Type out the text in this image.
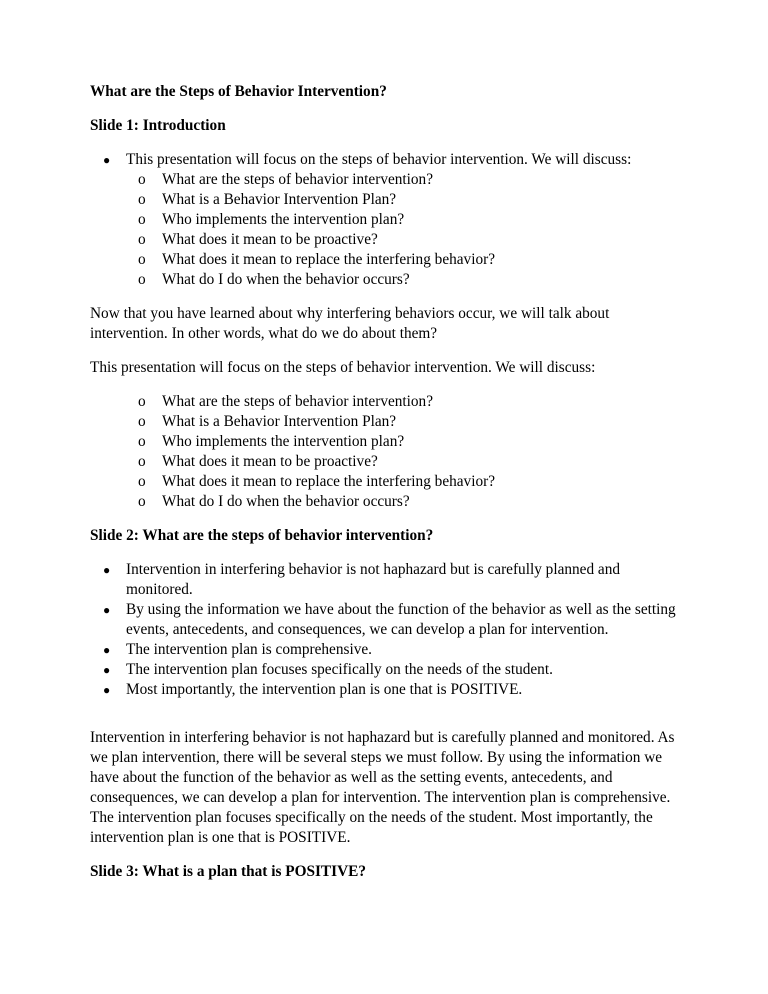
What are the Steps of Behavior Intervention?
Slide 1: Introduction
● This presentation will focus on the steps of behavior intervention. We will discuss:
o What are the steps of behavior intervention?
o What is a Behavior Intervention Plan?
o Who implements the intervention plan?
o What does it mean to be proactive?
o What does it mean to replace the interfering behavior?
o What do I do when the behavior occurs?

Now that you have learned about why interfering behaviors occur, we will talk about intervention. In other words, what do we do about them?

This presentation will focus on the steps of behavior intervention. We will discuss:

o What are the steps of behavior intervention?
o What is a Behavior Intervention Plan?
o Who implements the intervention plan?
o What does it mean to be proactive?
o What does it mean to replace the interfering behavior?
o What do I do when the behavior occurs?
Slide 2: What are the steps of behavior intervention?
● Intervention in interfering behavior is not haphazard but is carefully planned and monitored.
● By using the information we have about the function of the behavior as well as the setting events, antecedents, and consequences, we can develop a plan for intervention.
● The intervention plan is comprehensive.
● The intervention plan focuses specifically on the needs of the student.
● Most importantly, the intervention plan is one that is POSITIVE.

Intervention in interfering behavior is not haphazard but is carefully planned and monitored. As we plan intervention, there will be several steps we must follow. By using the information we have about the function of the behavior as well as the setting events, antecedents, and consequences, we can develop a plan for intervention. The intervention plan is comprehensive. The intervention plan focuses specifically on the needs of the student. Most importantly, the intervention plan is one that is POSITIVE.

Slide 3: What is a plan that is POSITIVE?
